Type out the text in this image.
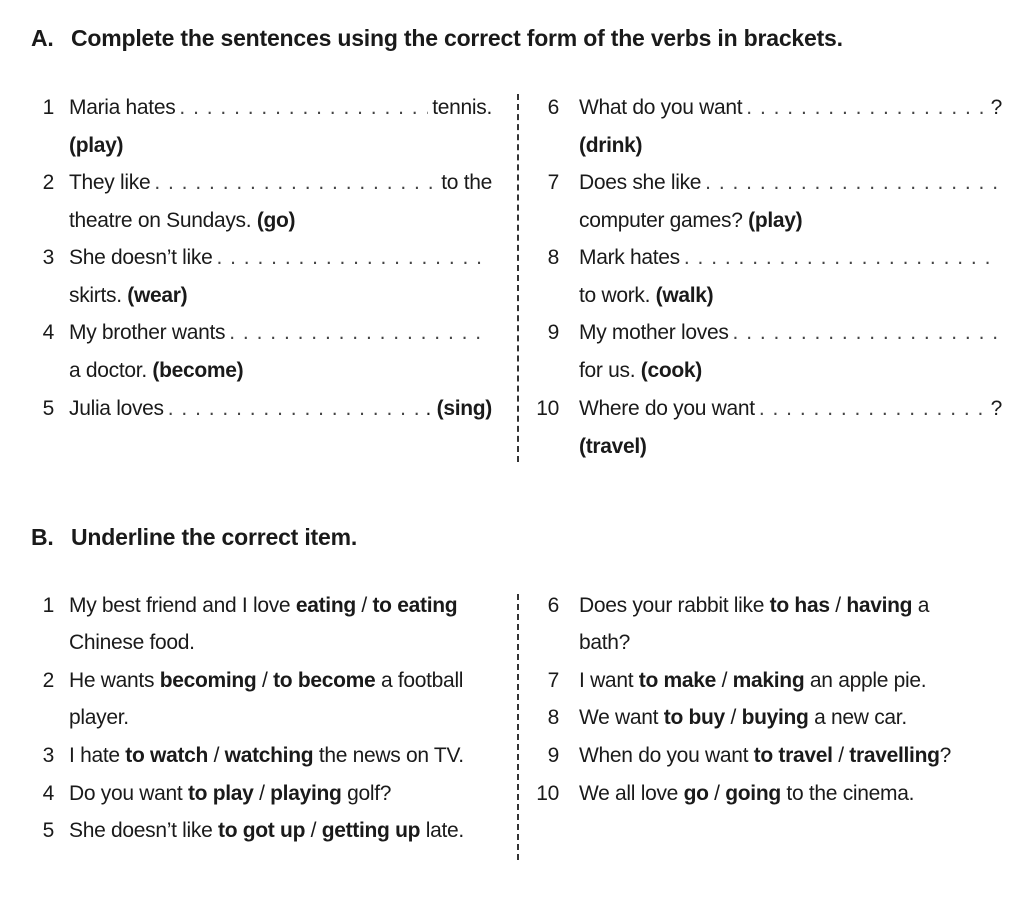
A. Complete the sentences using the correct form of the verbs in brackets.
1 Maria hates . . .	tennis.
(play)
2 They like . . .	to the
theatre on Sundays. (go)
3 She doesn’t like
. . .
skirts. (wear)
4 My brother wants
. . .
a doctor. (become)
5 Julia loves . . .	.
(sing)
6 What do you want . . .	?
(drink)
7 Does she like
. . .
computer games? (play)
8 Mark hates
. . .
to work. (walk)
9 My mother loves
. . .
for us. (cook)
10 Where do you want . . .	?
(travel)
B. Underline the correct item.
1 My best friend and I love eating / to eating
Chinese food.
2 He wants becoming / to become a football
player.
3 I hate to watch / watching the news on TV.
4 Do you want to play / playing golf?
5 She doesn’t like to got up / getting up late.
6 Does your rabbit like to has / having a
bath?
7 I want to make / making an apple pie.
8 We want to buy / buying a new car.
9 When do you want to travel / travelling?
10 We all love go / going to the cinema.
